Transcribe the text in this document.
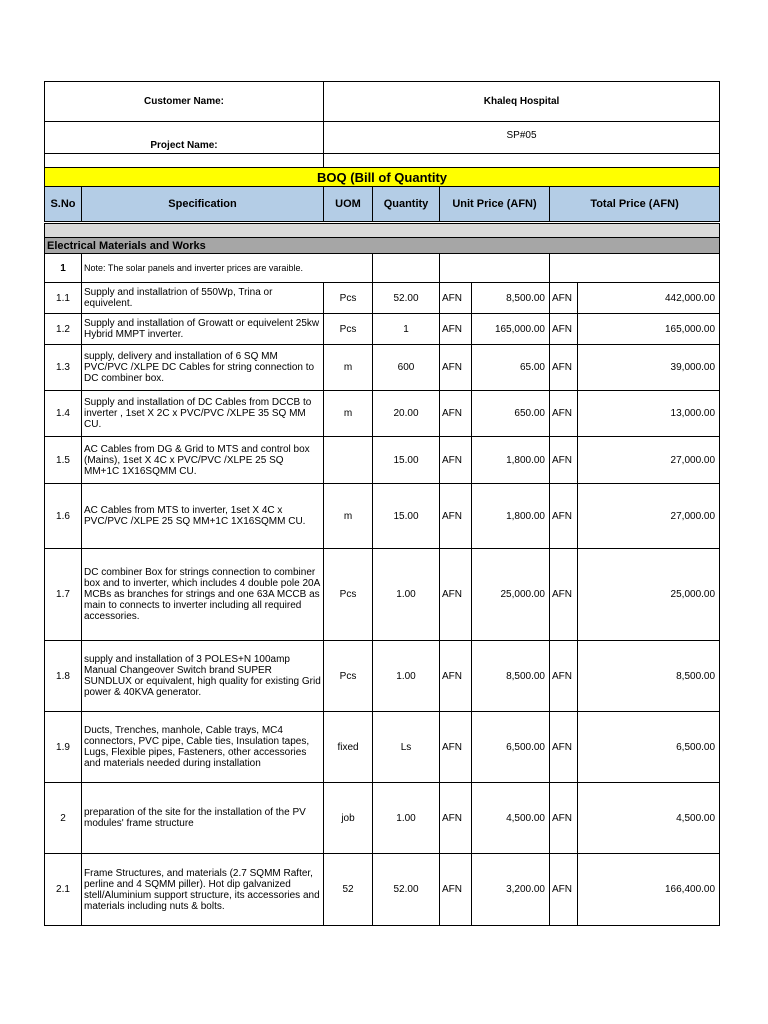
Customer Name:		Khaleq Hospital					
Project Name:		SP#05					

BOQ (Bill of Quantity							
S.No	Specification	UOM	Quantity	Unit Price (AFN)		Total Price (AFN)	

Electrical Materials and Works							
1	Note: The solar panels and inverter prices are varaible.						
1.1	Supply and installatrion of 550Wp, Trina or equivelent.	Pcs	52.00	AFN	8,500.00	AFN	442,000.00
1.2	Supply and installation of Growatt or equivelent 25kw Hybrid MMPT inverter.	Pcs	1	AFN	165,000.00	AFN	165,000.00
1.3	supply, delivery and installation of 6 SQ MM PVC/PVC /XLPE DC Cables for string connection to DC combiner box.	m	600	AFN	65.00	AFN	39,000.00
1.4	Supply and installation of DC Cables from DCCB to inverter , 1set X 2C x PVC/PVC /XLPE 35 SQ MM CU.	m	20.00	AFN	650.00	AFN	13,000.00
1.5	AC Cables from DG & Grid to MTS and control box (Mains), 1set X 4C x PVC/PVC /XLPE 25 SQ MM+1C 1X16SQMM CU.		15.00	AFN	1,800.00	AFN	27,000.00
1.6	AC Cables from MTS to inverter, 1set X 4C x PVC/PVC /XLPE 25 SQ MM+1C 1X16SQMM CU.	m	15.00	AFN	1,800.00	AFN	27,000.00
1.7	DC combiner Box for strings connection to combiner box and to inverter, which includes 4 double pole 20A MCBs as branches for strings and one 63A MCCB as main to connects to inverter including all required accessories.	Pcs	1.00	AFN	25,000.00	AFN	25,000.00
1.8	supply and installation of 3 POLES+N 100amp Manual Changeover Switch brand SUPER SUNDLUX or equivalent, high quality for existing Grid power & 40KVA generator.	Pcs	1.00	AFN	8,500.00	AFN	8,500.00
1.9	Ducts, Trenches, manhole, Cable trays, MC4 connectors, PVC pipe, Cable ties, Insulation tapes, Lugs, Flexible pipes, Fasteners, other accessories and materials needed during installation	fixed	Ls	AFN	6,500.00	AFN	6,500.00
2	preparation of the site for the installation of the PV modules' frame structure	job	1.00	AFN	4,500.00	AFN	4,500.00
2.1	Frame Structures, and materials (2.7 SQMM Rafter, perline and 4 SQMM piller). Hot dip galvanized stell/Aluminium support structure, its accessories and materials including nuts & bolts.	52	52.00	AFN	3,200.00	AFN	166,400.00
